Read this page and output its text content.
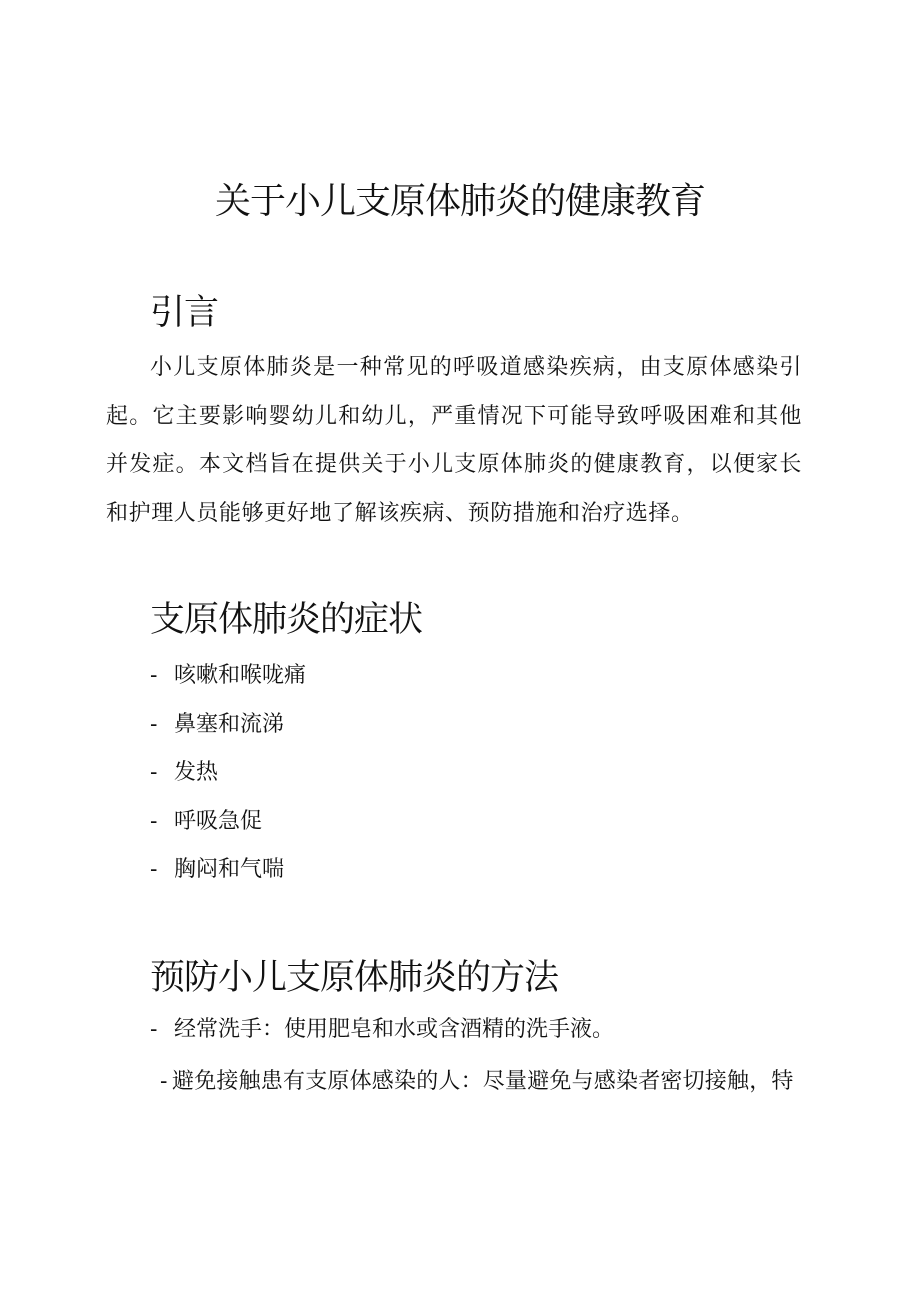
关于小儿支原体肺炎的健康教育
引言

小儿支原体肺炎是一种常见的呼吸道感染疾病，由支原体感染引起。它主要影响婴幼儿和幼儿，严重情况下可能导致呼吸困难和其他并发症。本文档旨在提供关于小儿支原体肺炎的健康教育，以便家长和护理人员能够更好地了解该疾病、预防措施和治疗选择。

支原体肺炎的症状
- 咳嗽和喉咙痛
- 鼻塞和流涕
- 发热
- 呼吸急促
- 胸闷和气喘
预防小儿支原体肺炎的方法
- 经常洗手：使用肥皂和水或含酒精的洗手液。
- 避免接触患有支原体感染的人：尽量避免与感染者密切接触，特
